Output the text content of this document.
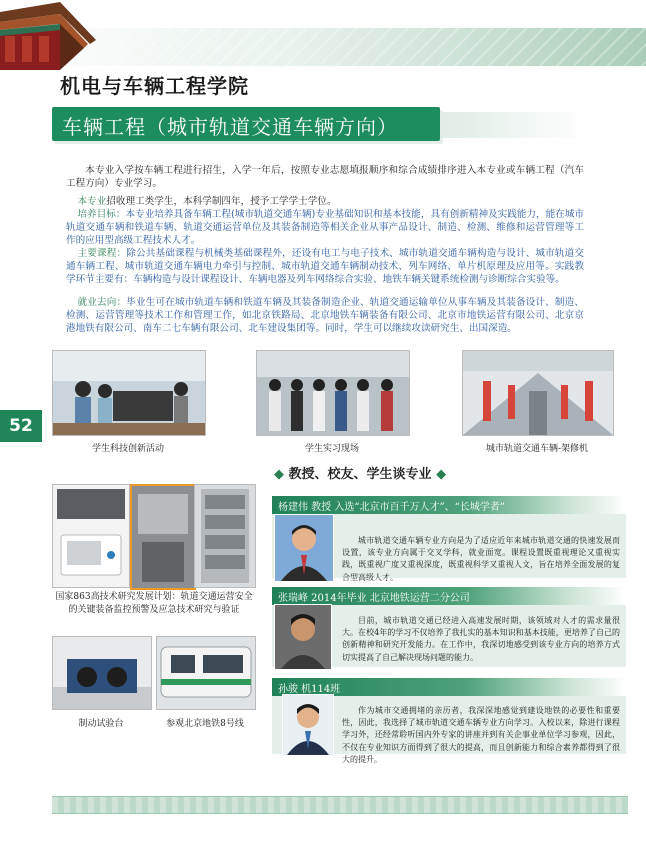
机电与车辆工程学院
车辆工程（城市轨道交通车辆方向）

本专业入学按车辆工程进行招生，入学一年后，按照专业志愿填报顺序和综合成绩排序进入本专业或车辆工程（汽车工程方向）专业学习。

本专业招收理工类学生，本科学制四年，授予工学学士学位。

培养目标：本专业培养具备车辆工程(城市轨道交通车辆)专业基础知识和基本技能，具有创新精神及实践能力，能在城市轨道交通车辆和铁道车辆、轨道交通运营单位及其装备制造等相关企业从事产品设计、制造、检测、维修和运营管理等工作的应用型高级工程技术人才。

主要课程：除公共基础课程与机械类基础课程外，还设有电工与电子技术、城市轨道交通车辆构造与设计、城市轨道交通车辆工程、城市轨道交通车辆电力牵引与控制、城市轨道交通车辆制动技术、列车网络、单片机原理及应用等。实践教学环节主要有：车辆构造与设计课程设计、车辆电器及列车网络综合实验、地铁车辆关键系统检测与诊断综合实验等。

就业去向：毕业生可在城市轨道车辆和铁道车辆及其装备制造企业、轨道交通运输单位从事车辆及其装备设计、制造、检测、运营管理等技术工作和管理工作，如北京铁路局、北京地铁车辆装备有限公司、北京市地铁运营有限公司、北京京港地铁有限公司、南车二七车辆有限公司、北车建设集团等。同时，学生可以继续攻读研究生、出国深造。

52
学生科技创新活动	学生实习现场	城市轨道交通车辆-架修机

国家863高技术研究发展计划：轨道交通运营安全的关键装备监控预警及应急技术研究与验证

制动试验台	参观北京地铁8号线
◆ 教授、校友、学生谈专业 ◆
杨建伟 教授 入选“北京市百千万人才”、“长城学者”

城市轨道交通车辆专业方向是为了适应近年来城市轨道交通的快速发展而设置，该专业方向属于交叉学科，就业面宽。课程设置既重视理论又重视实践，既重视广度又重视深度，既重视科学又重视人文，旨在培养全面发展的复合型高级人才。

张瑞峰 2014年毕业 北京地铁运营二分公司

目前，城市轨道交通已经进入高速发展时期，该领域对人才的需求量很大。在校4年的学习不仅培养了我扎实的基本知识和基本技能，更培养了自己的创新精神和研究开发能力。在工作中，我深切地感受到该专业方向的培养方式切实提高了自己解决现场问题的能力。

孙骏 机114班

作为城市交通拥堵的亲历者，我深深地感觉到建设地铁的必要性和重要性，因此，我选择了城市轨道交通车辆专业方向学习。入校以来，除进行课程学习外，还经常聆听国内外专家的讲座并到有关企事业单位学习参观，因此，不仅在专业知识方面得到了很大的提高，而且创新能力和综合素养都得到了很大的提升。
